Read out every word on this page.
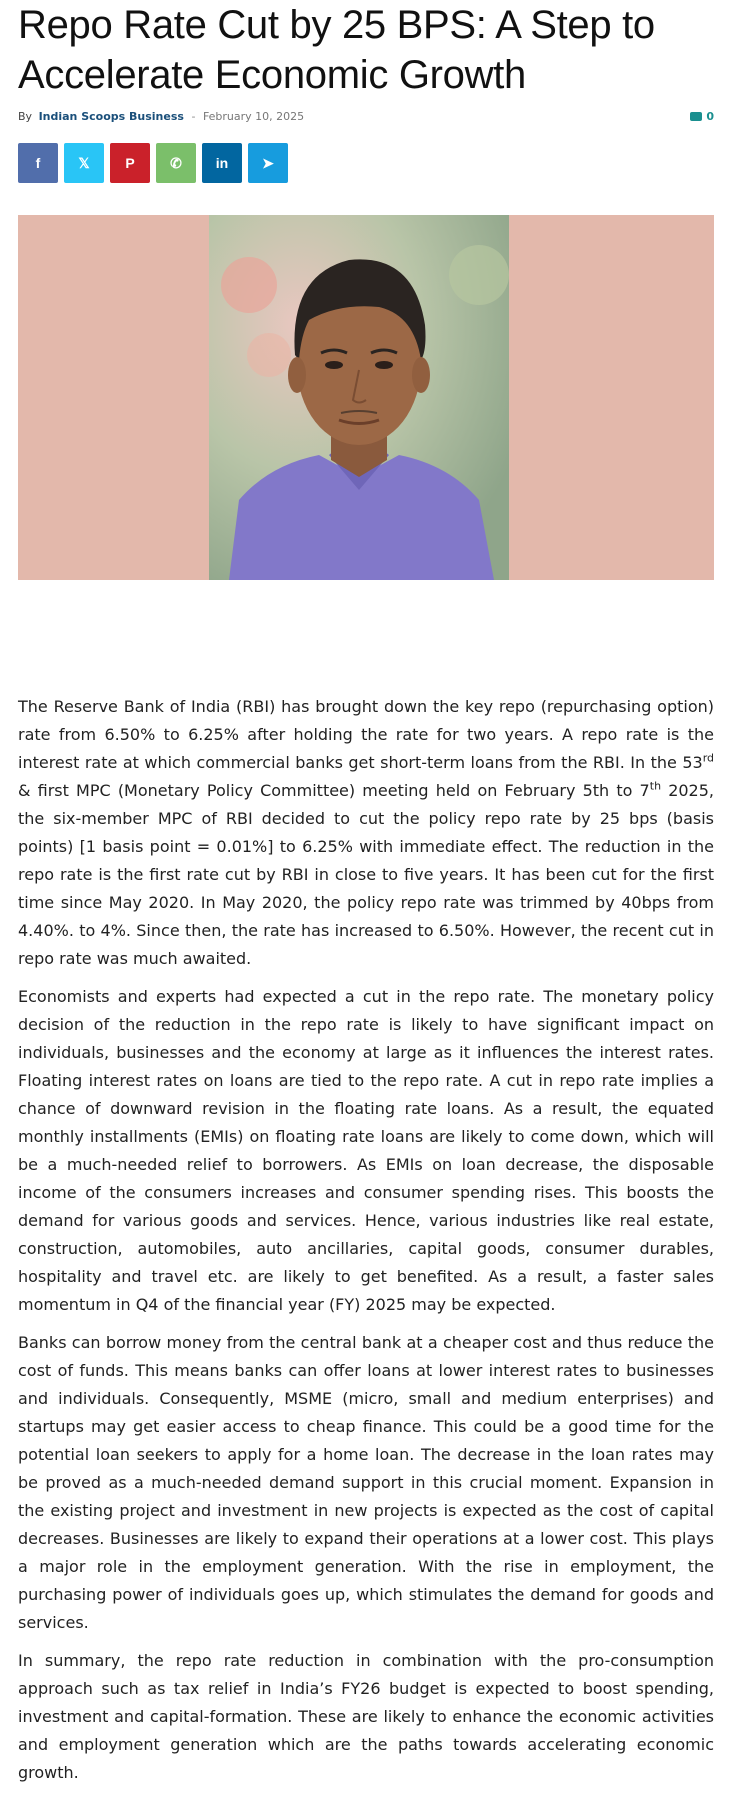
Repo Rate Cut by 25 BPS: A Step to Accelerate Economic Growth
By Indian Scoops Business - February 10, 2025	0
f	𝕏	P	✆ in ➤

The Reserve Bank of India (RBI) has brought down the key repo (repurchasing option) rate from 6.50% to 6.25% after holding the rate for two years. A repo rate is the interest rate at which commercial banks get short-term loans from the RBI. In the 53rd & first MPC (Monetary Policy Committee) meeting held on February 5th to 7th 2025, the six-member MPC of RBI decided to cut the policy repo rate by 25 bps (basis points) [1 basis point = 0.01%] to 6.25% with immediate effect. The reduction in the repo rate is the first rate cut by RBI in close to five years. It has been cut for the first time since May 2020. In May 2020, the policy repo rate was trimmed by 40bps from 4.40%. to 4%. Since then, the rate has increased to 6.50%. However, the recent cut in repo rate was much awaited.

Economists and experts had expected a cut in the repo rate. The monetary policy decision of the reduction in the repo rate is likely to have significant impact on individuals, businesses and the economy at large as it influences the interest rates. Floating interest rates on loans are tied to the repo rate. A cut in repo rate implies a chance of downward revision in the floating rate loans. As a result, the equated monthly installments (EMIs) on floating rate loans are likely to come down, which will be a much-needed relief to borrowers. As EMIs on loan decrease, the disposable income of the consumers increases and consumer spending rises. This boosts the demand for various goods and services. Hence, various industries like real estate, construction, automobiles, auto ancillaries, capital goods, consumer durables, hospitality and travel etc. are likely to get benefited. As a result, a faster sales momentum in Q4 of the financial year (FY) 2025 may be expected.

Banks can borrow money from the central bank at a cheaper cost and thus reduce the cost of funds. This means banks can offer loans at lower interest rates to businesses and individuals. Consequently, MSME (micro, small and medium enterprises) and startups may get easier access to cheap finance. This could be a good time for the potential loan seekers to apply for a home loan. The decrease in the loan rates may be proved as a much-needed demand support in this crucial moment. Expansion in the existing project and investment in new projects is expected as the cost of capital decreases. Businesses are likely to expand their operations at a lower cost. This plays a major role in the employment generation. With the rise in employment, the purchasing power of individuals goes up, which stimulates the demand for goods and services.

In summary, the repo rate reduction in combination with the pro-consumption approach such as tax relief in India’s FY26 budget is expected to boost spending, investment and capital-formation. These are likely to enhance the economic activities and employment generation which are the paths towards accelerating economic growth.
